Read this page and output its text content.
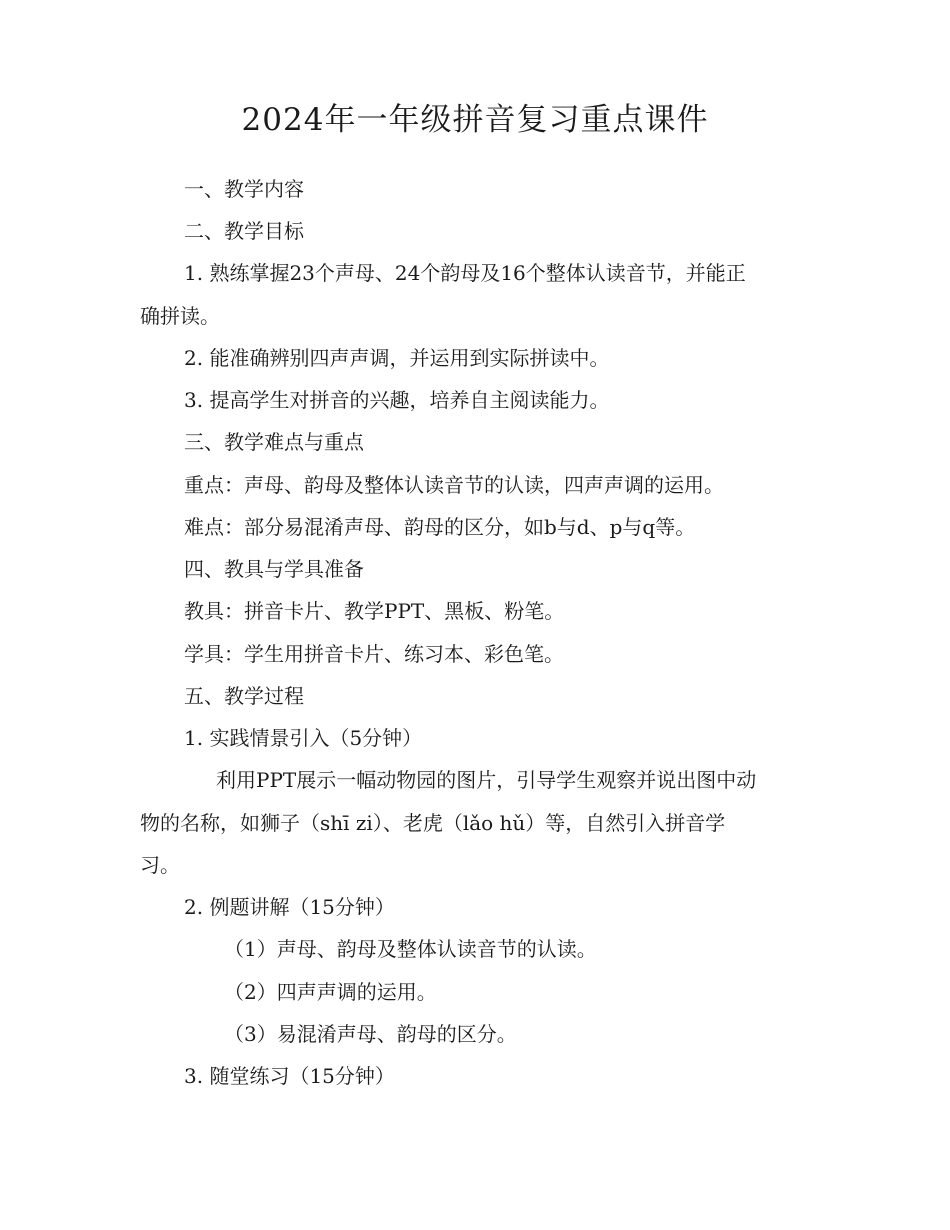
2024年一年级拼音复习重点课件
一、教学内容
二、教学目标
1. 熟练掌握23个声母、24个韵母及16个整体认读音节，并能正
确拼读。
2. 能准确辨别四声声调，并运用到实际拼读中。
3. 提高学生对拼音的兴趣，培养自主阅读能力。
三、教学难点与重点
重点：声母、韵母及整体认读音节的认读，四声声调的运用。
难点：部分易混淆声母、韵母的区分，如b与d、p与q等。
四、教具与学具准备
教具：拼音卡片、教学PPT、黑板、粉笔。
学具：学生用拼音卡片、练习本、彩色笔。
五、教学过程
1. 实践情景引入（5分钟）
利用PPT展示一幅动物园的图片，引导学生观察并说出图中动
物的名称，如狮子（shī zi）、老虎（lǎo hǔ）等，自然引入拼音学
习。
2. 例题讲解（15分钟）
（1）声母、韵母及整体认读音节的认读。
（2）四声声调的运用。
（3）易混淆声母、韵母的区分。
3. 随堂练习（15分钟）
